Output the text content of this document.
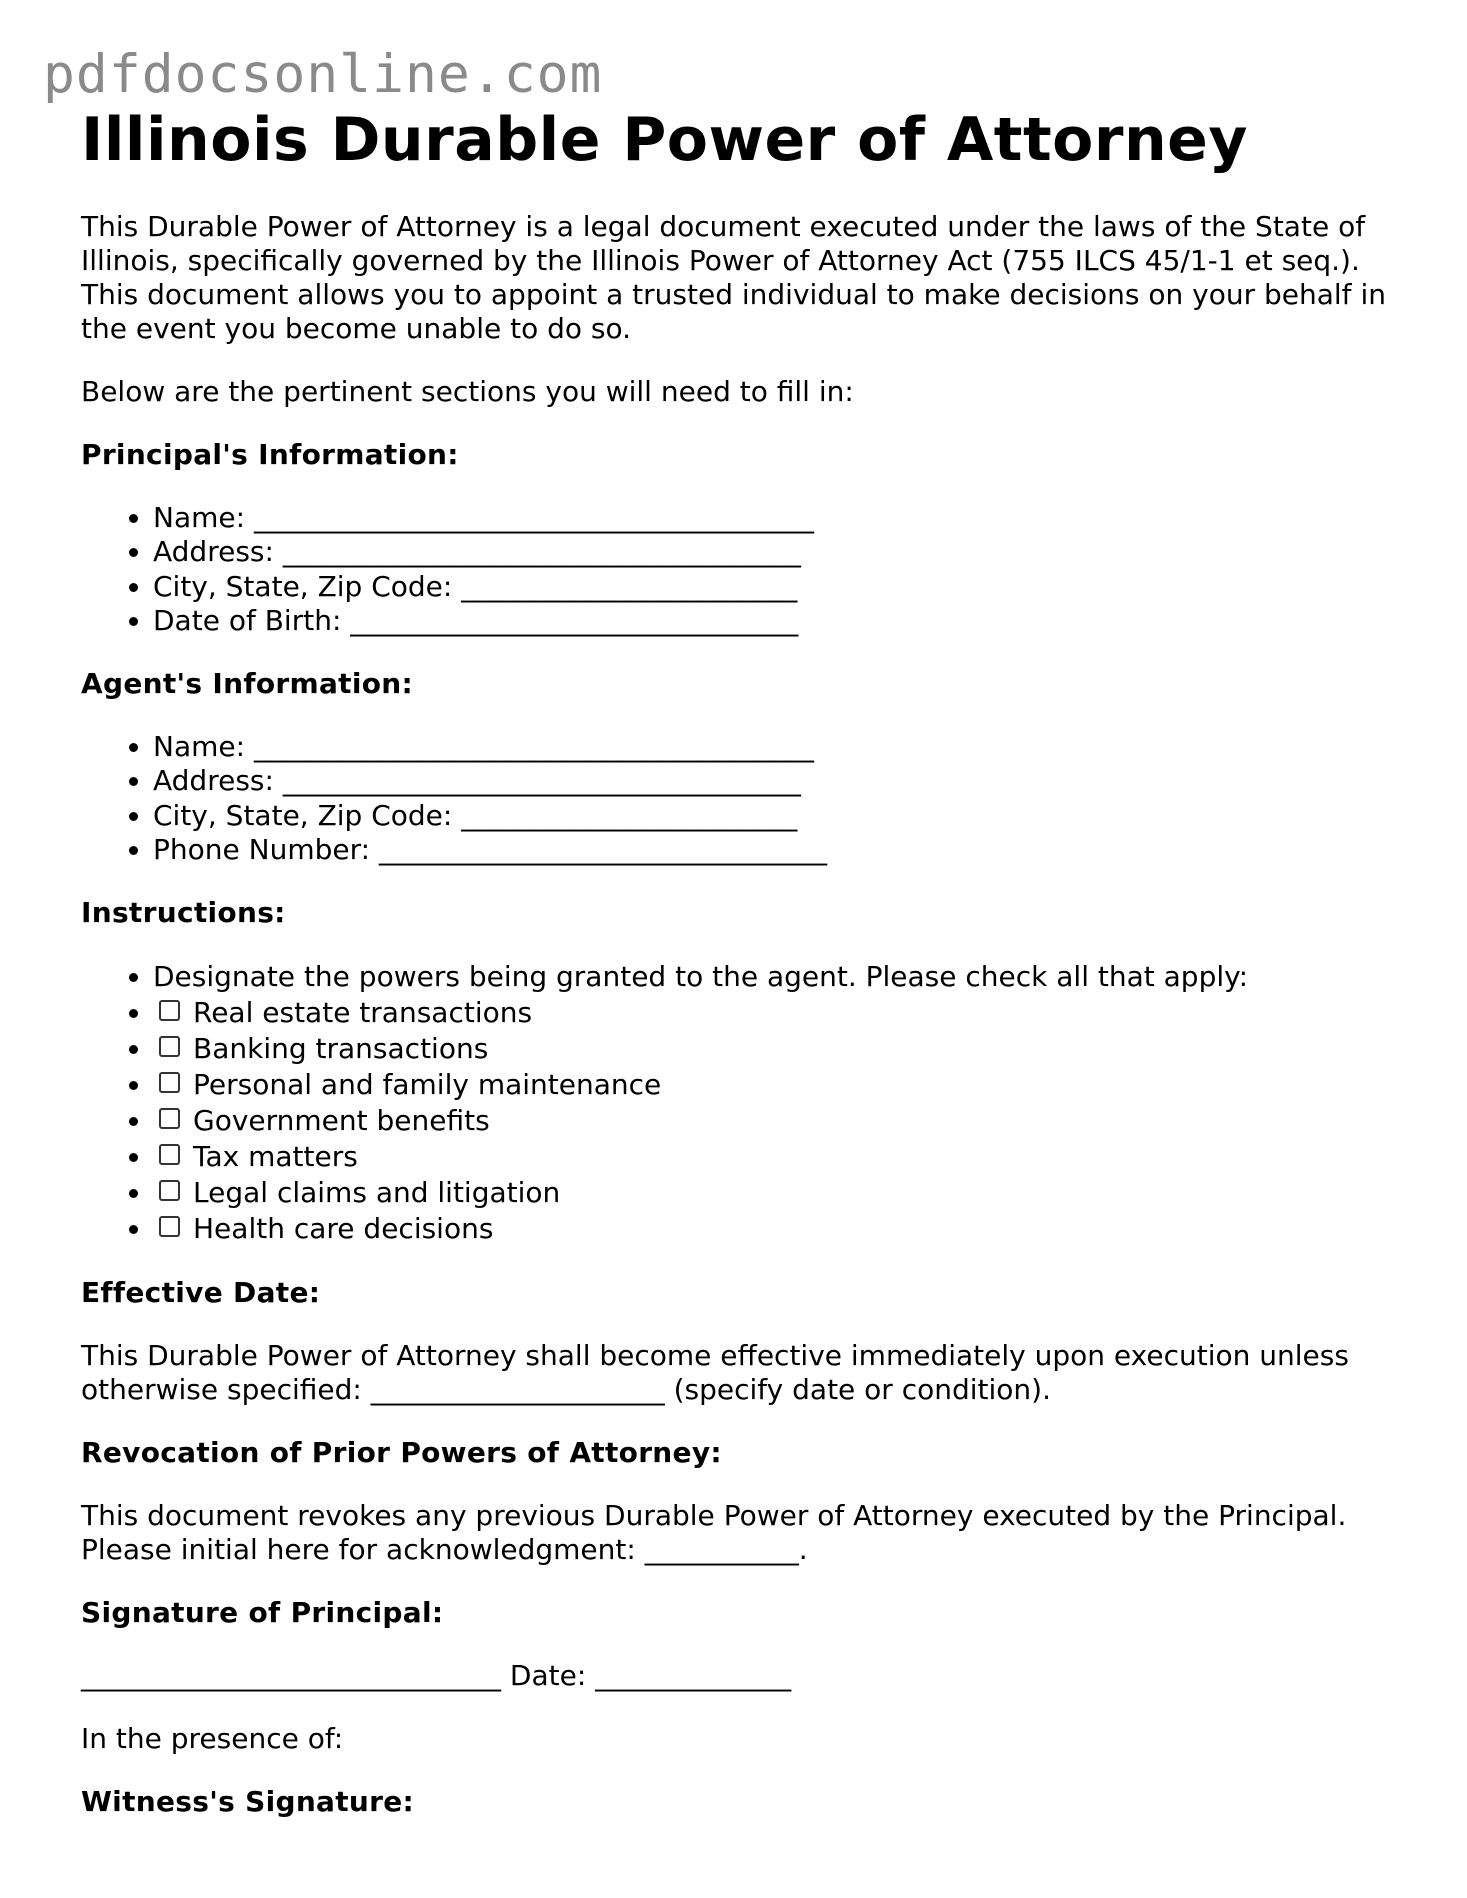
pdfdocsonline.com
Illinois Durable Power of Attorney

This Durable Power of Attorney is a legal document executed under the laws of the State of Illinois, specifically governed by the Illinois Power of Attorney Act (755 ILCS 45/1-1 et seq.). This document allows you to appoint a trusted individual to make decisions on your behalf in the event you become unable to do so.

Below are the pertinent sections you will need to fill in:

Principal's Information:
• Name: ________________________________________
• Address: _____________________________________
• City, State, Zip Code: ________________________
• Date of Birth: ________________________________
Agent's Information:
• Name: ________________________________________
• Address: _____________________________________
• City, State, Zip Code: ________________________
• Phone Number: ________________________________
Instructions:
• Designate the powers being granted to the agent. Please check all that apply:
• Real estate transactions
• Banking transactions
• Personal and family maintenance
• Government benefits
• Tax matters
• Legal claims and litigation
• Health care decisions
Effective Date:

This Durable Power of Attorney shall become effective immediately upon execution unless otherwise specified: _____________________ (specify date or condition).

Revocation of Prior Powers of Attorney:

This document revokes any previous Durable Power of Attorney executed by the Principal. Please initial here for acknowledgment: ___________.

Signature of Principal:

______________________________ Date: ______________

In the presence of:

Witness's Signature:
